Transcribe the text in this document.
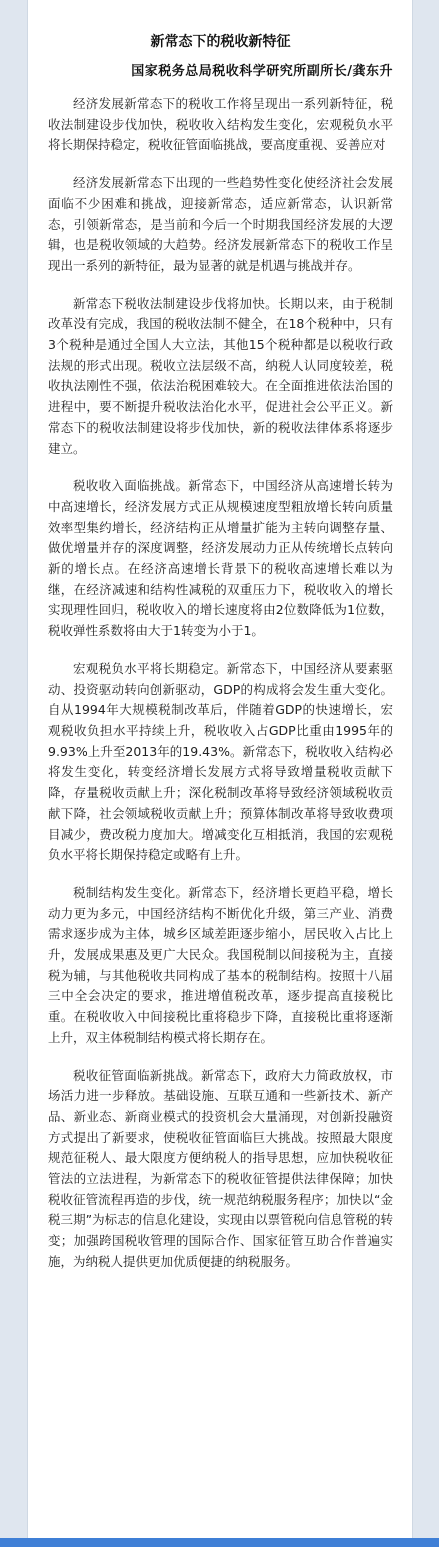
新常态下的税收新特征
国家税务总局税收科学研究所副所长/龚东升
经济发展新常态下的税收工作将呈现出一系列新特征，税收法制建设步伐加快，税收收入结构发生变化，宏观税负水平将长期保持稳定，税收征管面临挑战，要高度重视、妥善应对
经济发展新常态下出现的一些趋势性变化使经济社会发展面临不少困难和挑战，迎接新常态，适应新常态，认识新常态，引领新常态，是当前和今后一个时期我国经济发展的大逻辑，也是税收领域的大趋势。经济发展新常态下的税收工作呈现出一系列的新特征，最为显著的就是机遇与挑战并存。
新常态下税收法制建设步伐将加快。长期以来，由于税制改革没有完成，我国的税收法制不健全，在18个税种中，只有3个税种是通过全国人大立法，其他15个税种都是以税收行政法规的形式出现。税收立法层级不高，纳税人认同度较差，税收执法刚性不强，依法治税困难较大。在全面推进依法治国的进程中，要不断提升税收法治化水平，促进社会公平正义。新常态下的税收法制建设将步伐加快，新的税收法律体系将逐步建立。
税收收入面临挑战。新常态下，中国经济从高速增长转为中高速增长，经济发展方式正从规模速度型粗放增长转向质量效率型集约增长，经济结构正从增量扩能为主转向调整存量、做优增量并存的深度调整，经济发展动力正从传统增长点转向新的增长点。在经济高速增长背景下的税收高速增长难以为继，在经济减速和结构性减税的双重压力下，税收收入的增长实现理性回归，税收收入的增长速度将由2位数降低为1位数，税收弹性系数将由大于1转变为小于1。
宏观税负水平将长期稳定。新常态下，中国经济从要素驱动、投资驱动转向创新驱动，GDP的构成将会发生重大变化。自从1994年大规模税制改革后，伴随着GDP的快速增长，宏观税收负担水平持续上升，税收收入占GDP比重由1995年的9.93%上升至2013年的19.43%。新常态下，税收收入结构必将发生变化，转变经济增长发展方式将导致增量税收贡献下降，存量税收贡献上升；深化税制改革将导致经济领域税收贡献下降，社会领域税收贡献上升；预算体制改革将导致收费项目减少，费改税力度加大。增减变化互相抵消，我国的宏观税负水平将长期保持稳定或略有上升。
税制结构发生变化。新常态下，经济增长更趋平稳，增长动力更为多元，中国经济结构不断优化升级，第三产业、消费需求逐步成为主体，城乡区域差距逐步缩小，居民收入占比上升，发展成果惠及更广大民众。我国税制以间接税为主，直接税为辅，与其他税收共同构成了基本的税制结构。按照十八届三中全会决定的要求，推进增值税改革，逐步提高直接税比重。在税收收入中间接税比重将稳步下降，直接税比重将逐渐上升，双主体税制结构模式将长期存在。
税收征管面临新挑战。新常态下，政府大力简政放权，市场活力进一步释放。基础设施、互联互通和一些新技术、新产品、新业态、新商业模式的投资机会大量涌现，对创新投融资方式提出了新要求，使税收征管面临巨大挑战。按照最大限度规范征税人、最大限度方便纳税人的指导思想，应加快税收征管法的立法进程，为新常态下的税收征管提供法律保障；加快税收征管流程再造的步伐，统一规范纳税服务程序；加快以“金税三期”为标志的信息化建设，实现由以票管税向信息管税的转变；加强跨国税收管理的国际合作、国家征管互助合作普遍实施，为纳税人提供更加优质便捷的纳税服务。
